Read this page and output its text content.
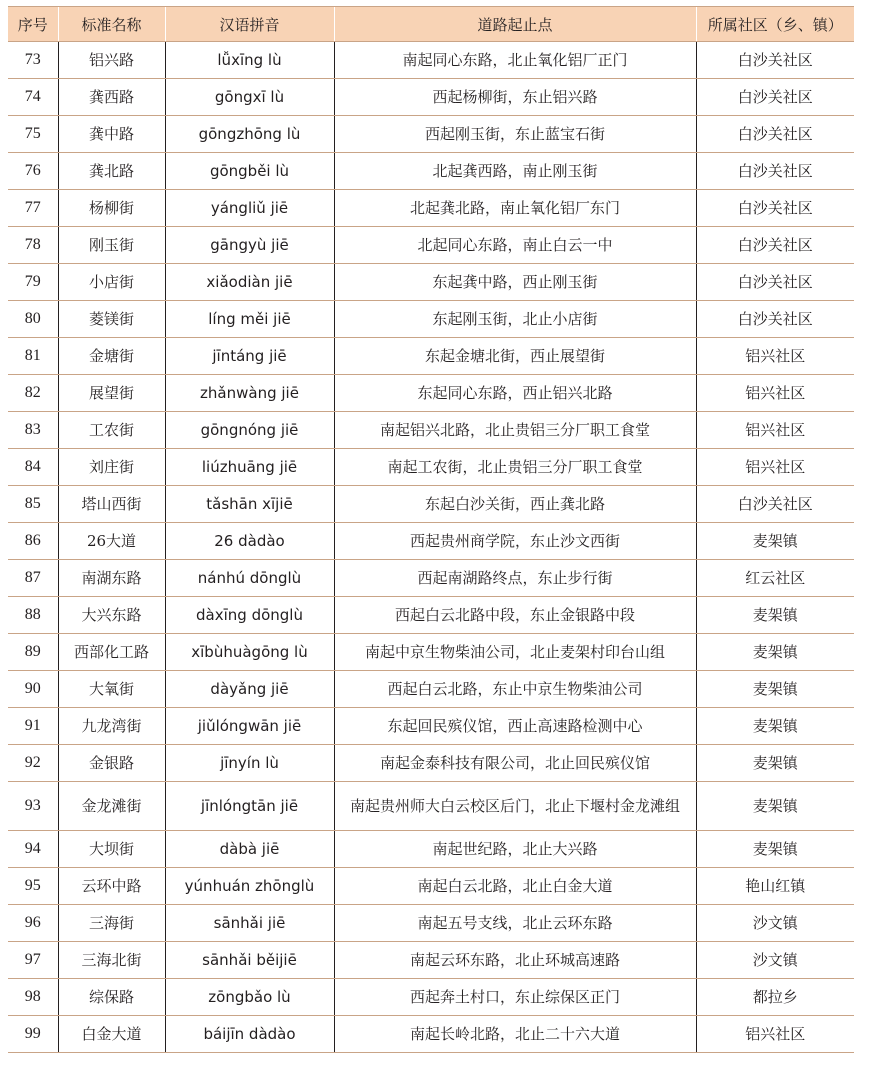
序号	标准名称	汉语拼音	道路起止点	所属社区（乡、镇）
73	铝兴路	lǚxīng lù	南起同心东路，北止氧化铝厂正门	白沙关社区
74	龚西路	gōngxī lù	西起杨柳街，东止铝兴路	白沙关社区
75	龚中路	gōngzhōng lù	西起刚玉街，东止蓝宝石街	白沙关社区
76	龚北路	gōngběi lù	北起龚西路，南止刚玉街	白沙关社区
77	杨柳街	yángliǔ jiē	北起龚北路，南止氧化铝厂东门	白沙关社区
78	刚玉街	gāngyù jiē	北起同心东路，南止白云一中	白沙关社区
79	小店街	xiǎodiàn jiē	东起龚中路，西止刚玉街	白沙关社区
80	菱镁街	líng měi jiē	东起刚玉街，北止小店街	白沙关社区
81	金塘街	jīntáng jiē	东起金塘北街，西止展望街	铝兴社区
82	展望街	zhǎnwàng jiē	东起同心东路，西止铝兴北路	铝兴社区
83	工农街	gōngnóng jiē	南起铝兴北路，北止贵铝三分厂职工食堂	铝兴社区
84	刘庄街	liúzhuāng jiē	南起工农街，北止贵铝三分厂职工食堂	铝兴社区
85	塔山西街	tǎshān xījiē	东起白沙关街，西止龚北路	白沙关社区
86	26大道	26 dàdào	西起贵州商学院，东止沙文西街	麦架镇
87	南湖东路	nánhú dōnglù	西起南湖路终点，东止步行街	红云社区
88	大兴东路	dàxīng dōnglù	西起白云北路中段，东止金银路中段	麦架镇
89	西部化工路	xībùhuàgōng lù	南起中京生物柴油公司，北止麦架村印台山组	麦架镇
90	大氧街	dàyǎng jiē	西起白云北路，东止中京生物柴油公司	麦架镇
91	九龙湾街	jiǔlóngwān jiē	东起回民殡仪馆，西止高速路检测中心	麦架镇
92	金银路	jīnyín lù	南起金泰科技有限公司，北止回民殡仪馆	麦架镇
93	金龙滩街	jīnlóngtān jiē	南起贵州师大白云校区后门，北止下堰村金龙滩组	麦架镇
94	大坝街	dàbà jiē	南起世纪路，北止大兴路	麦架镇
95	云环中路	yúnhuán zhōnglù	南起白云北路，北止白金大道	艳山红镇
96	三海街	sānhǎi jiē	南起五号支线，北止云环东路	沙文镇
97	三海北街	sānhǎi běijiē	南起云环东路，北止环城高速路	沙文镇
98	综保路	zōngbǎo lù	西起奔土村口，东止综保区正门	都拉乡
99	白金大道	báijīn dàdào	南起长岭北路，北止二十六大道	铝兴社区
